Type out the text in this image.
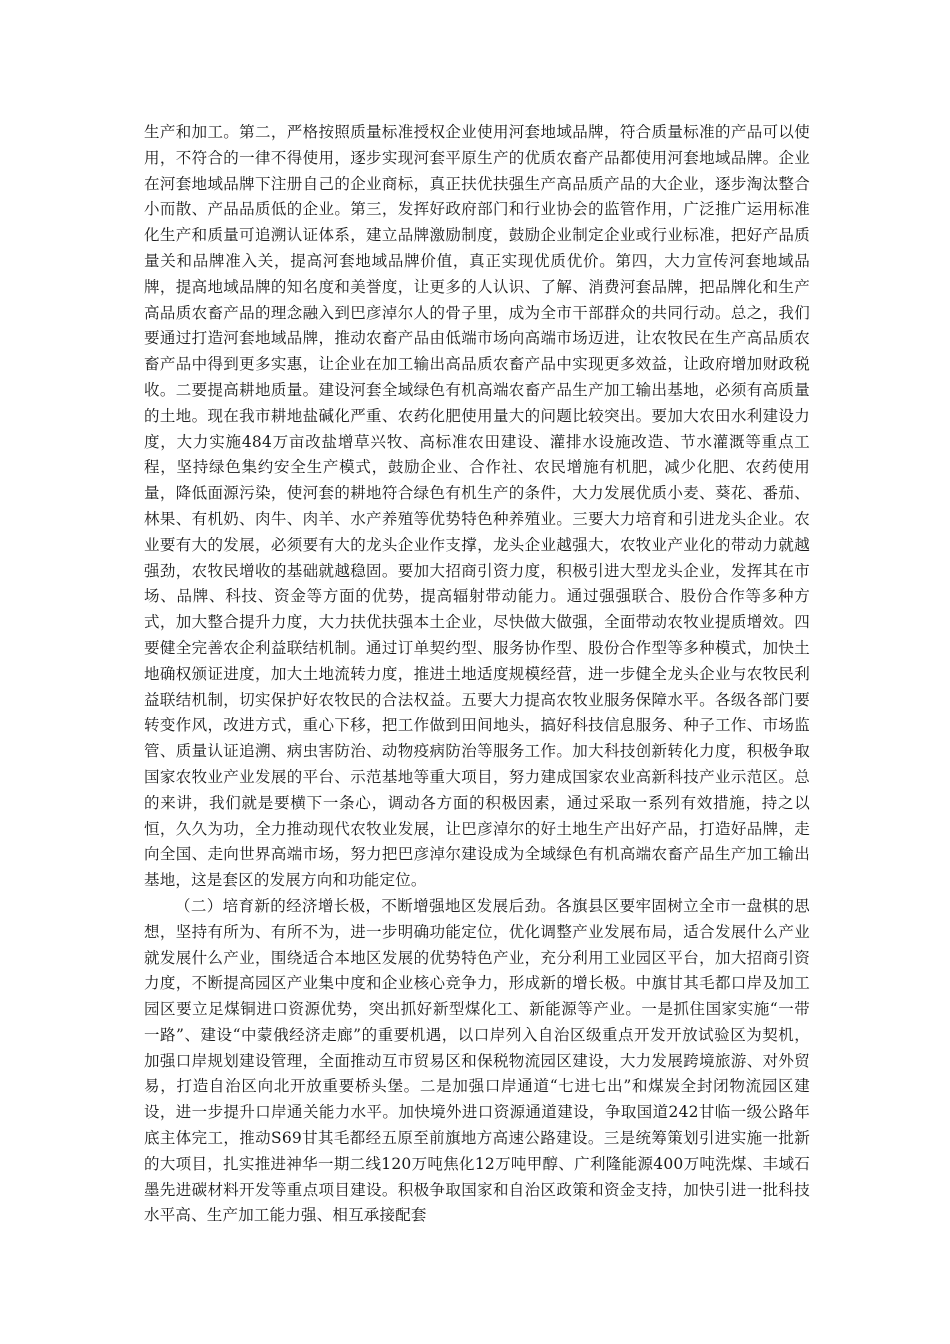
生产和加工。第二，严格按照质量标准授权企业使用河套地域品牌，符合质量标准的产品可以使用，不符合的一律不得使用，逐步实现河套平原生产的优质农畜产品都使用河套地域品牌。企业在河套地域品牌下注册自己的企业商标，真正扶优扶强生产高品质产品的大企业，逐步淘汰整合小而散、产品品质低的企业。第三，发挥好政府部门和行业协会的监管作用，广泛推广运用标准化生产和质量可追溯认证体系，建立品牌激励制度，鼓励企业制定企业或行业标准，把好产品质量关和品牌准入关，提高河套地域品牌价值，真正实现优质优价。第四，大力宣传河套地域品牌，提高地域品牌的知名度和美誉度，让更多的人认识、了解、消费河套品牌，把品牌化和生产高品质农畜产品的理念融入到巴彦淖尔人的骨子里，成为全市干部群众的共同行动。总之，我们要通过打造河套地域品牌，推动农畜产品由低端市场向高端市场迈进，让农牧民在生产高品质农畜产品中得到更多实惠，让企业在加工输出高品质农畜产品中实现更多效益，让政府增加财政税收。二要提高耕地质量。建设河套全域绿色有机高端农畜产品生产加工输出基地，必须有高质量的土地。现在我市耕地盐碱化严重、农药化肥使用量大的问题比较突出。要加大农田水利建设力度，大力实施484万亩改盐增草兴牧、高标准农田建设、灌排水设施改造、节水灌溉等重点工程，坚持绿色集约安全生产模式，鼓励企业、合作社、农民增施有机肥，减少化肥、农药使用量，降低面源污染，使河套的耕地符合绿色有机生产的条件，大力发展优质小麦、葵花、番茄、林果、有机奶、肉牛、肉羊、水产养殖等优势特色种养殖业。三要大力培育和引进龙头企业。农业要有大的发展，必须要有大的龙头企业作支撑，龙头企业越强大，农牧业产业化的带动力就越强劲，农牧民增收的基础就越稳固。要加大招商引资力度，积极引进大型龙头企业，发挥其在市场、品牌、科技、资金等方面的优势，提高辐射带动能力。通过强强联合、股份合作等多种方式，加大整合提升力度，大力扶优扶强本土企业，尽快做大做强，全面带动农牧业提质增效。四要健全完善农企利益联结机制。通过订单契约型、服务协作型、股份合作型等多种模式，加快土地确权颁证进度，加大土地流转力度，推进土地适度规模经营，进一步健全龙头企业与农牧民利益联结机制，切实保护好农牧民的合法权益。五要大力提高农牧业服务保障水平。各级各部门要转变作风，改进方式，重心下移，把工作做到田间地头，搞好科技信息服务、种子工作、市场监管、质量认证追溯、病虫害防治、动物疫病防治等服务工作。加大科技创新转化力度，积极争取国家农牧业产业发展的平台、示范基地等重大项目，努力建成国家农业高新科技产业示范区。总的来讲，我们就是要横下一条心，调动各方面的积极因素，通过采取一系列有效措施，持之以恒，久久为功，全力推动现代农牧业发展，让巴彦淖尔的好土地生产出好产品，打造好品牌，走向全国、走向世界高端市场，努力把巴彦淖尔建设成为全域绿色有机高端农畜产品生产加工输出基地，这是套区的发展方向和功能定位。

（二）培育新的经济增长极，不断增强地区发展后劲。各旗县区要牢固树立全市一盘棋的思想，坚持有所为、有所不为，进一步明确功能定位，优化调整产业发展布局，适合发展什么产业就发展什么产业，围绕适合本地区发展的优势特色产业，充分利用工业园区平台，加大招商引资力度，不断提高园区产业集中度和企业核心竞争力，形成新的增长极。中旗甘其毛都口岸及加工园区要立足煤铜进口资源优势，突出抓好新型煤化工、新能源等产业。一是抓住国家实施“一带一路”、建设“中蒙俄经济走廊”的重要机遇，以口岸列入自治区级重点开发开放试验区为契机，加强口岸规划建设管理，全面推动互市贸易区和保税物流园区建设，大力发展跨境旅游、对外贸易，打造自治区向北开放重要桥头堡。二是加强口岸通道“七进七出”和煤炭全封闭物流园区建设，进一步提升口岸通关能力水平。加快境外进口资源通道建设，争取国道242甘临一级公路年底主体完工，推动S69甘其毛都经五原至前旗地方高速公路建设。三是统筹策划引进实施一批新的大项目，扎实推进神华一期二线120万吨焦化12万吨甲醇、广利隆能源400万吨洗煤、丰域石墨先进碳材料开发等重点项目建设。积极争取国家和自治区政策和资金支持，加快引进一批科技水平高、生产加工能力强、相互承接配套
